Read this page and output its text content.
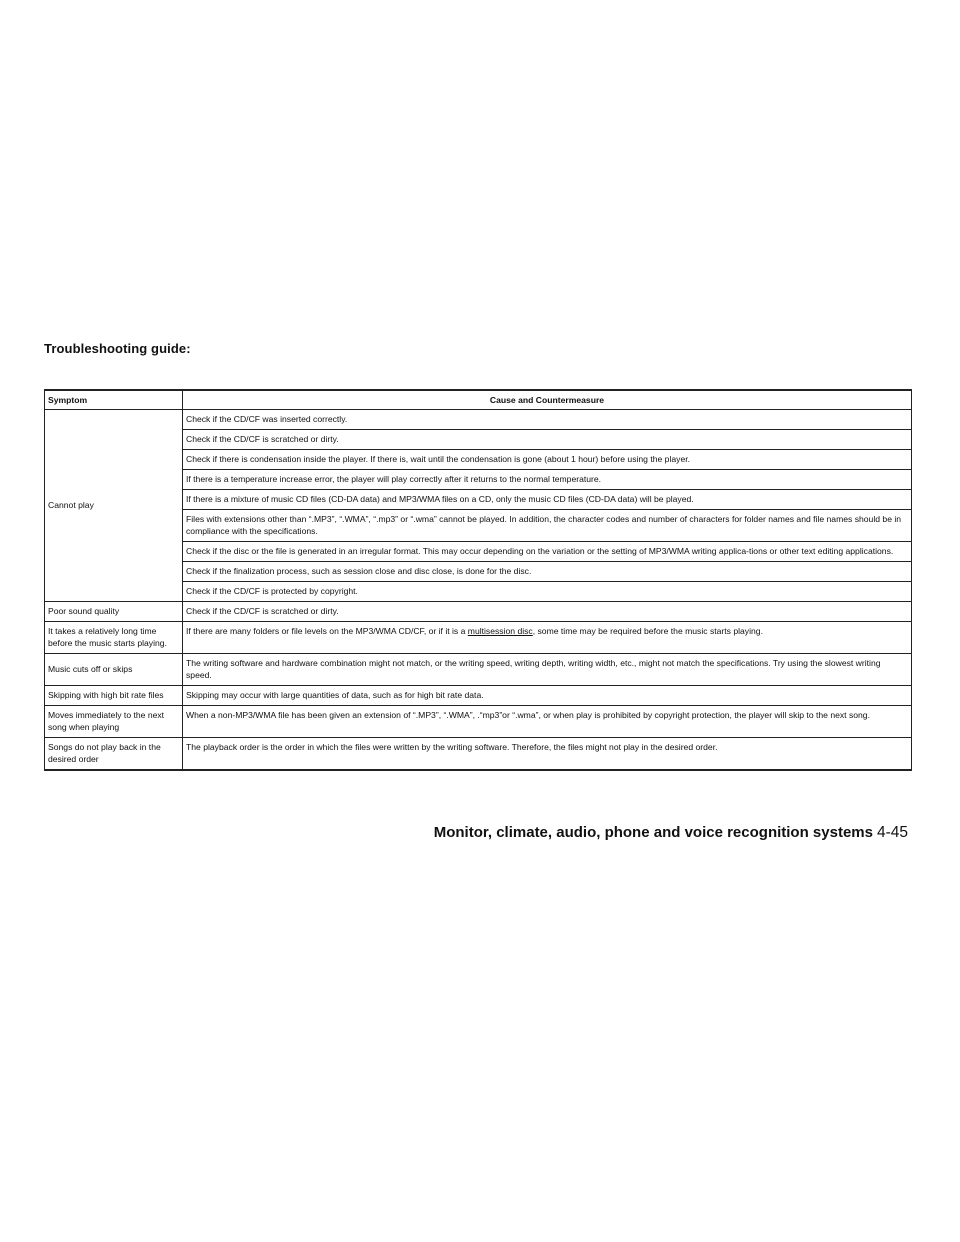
Troubleshooting guide:
Symptom	Cause and Countermeasure
Cannot play	Check if the CD/CF was inserted correctly.
	Check if the CD/CF is scratched or dirty.
	Check if there is condensation inside the player. If there is, wait until the condensation is gone (about 1 hour) before using the player.
	If there is a temperature increase error, the player will play correctly after it returns to the normal temperature.
	If there is a mixture of music CD files (CD-DA data) and MP3/WMA files on a CD, only the music CD files (CD-DA data) will be played.
	Files with extensions other than “.MP3”, “.WMA”, “.mp3” or “.wma” cannot be played. In addition, the character codes and number of characters for folder names and file names should be in compliance with the specifications.
	Check if the disc or the file is generated in an irregular format. This may occur depending on the variation or the setting of MP3/WMA writing applica-tions or other text editing applications.
	Check if the finalization process, such as session close and disc close, is done for the disc.
	Check if the CD/CF is protected by copyright.
Poor sound quality	Check if the CD/CF is scratched or dirty.
It takes a relatively long time before the music starts playing.	If there are many folders or file levels on the MP3/WMA CD/CF, or if it is a multisession disc, some time may be required before the music starts playing.
Music cuts off or skips	The writing software and hardware combination might not match, or the writing speed, writing depth, writing width, etc., might not match the specifications. Try using the slowest writing speed.
Skipping with high bit rate files	Skipping may occur with large quantities of data, such as for high bit rate data.
Moves immediately to the next song when playing	When a non-MP3/WMA file has been given an extension of “.MP3”, “.WMA”, .“mp3”or “.wma”, or when play is prohibited by copyright protection, the player will skip to the next song.
Songs do not play back in the desired order	The playback order is the order in which the files were written by the writing software. Therefore, the files might not play in the desired order.
Monitor, climate, audio, phone and voice recognition systems 4-45
